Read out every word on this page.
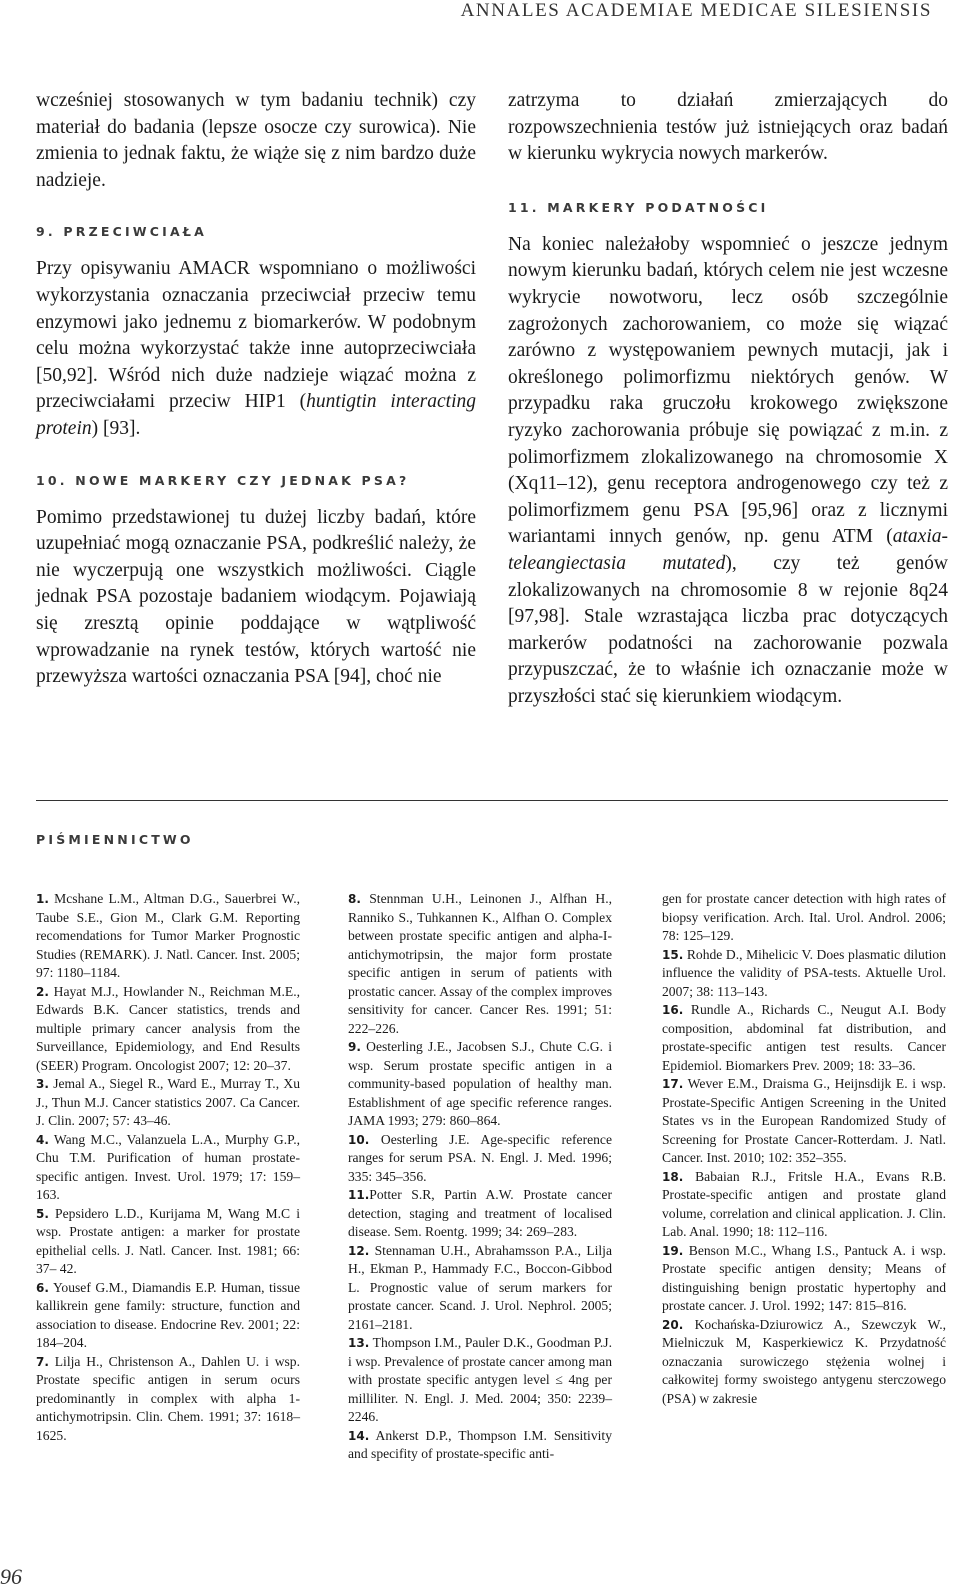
ANNALES ACADEMIAE MEDICAE SILESIENSIS

wcześniej stosowanych w tym badaniu technik) czy materiał do badania (lepsze osocze czy surowica). Nie zmienia to jednak faktu, że wiąże się z nim bardzo duże nadzieje.

9. PRZECIWCIAŁA

Przy opisywaniu AMACR wspomniano o możliwości wykorzystania oznaczania przeciwciał przeciw temu enzymowi jako jednemu z biomarkerów. W podobnym celu można wykorzystać także inne autoprzeciwciała [50,92]. Wśród nich duże nadzieje wiązać można z przeciwciałami przeciw HIP1 (huntigtin interacting protein) [93].

10. NOWE MARKERY CZY JEDNAK PSA?

Pomimo przedstawionej tu dużej liczby badań, które uzupełniać mogą oznaczanie PSA, podkreślić należy, że nie wyczerpują one wszystkich możliwości. Ciągle jednak PSA pozostaje badaniem wiodącym. Pojawiają się zresztą opinie poddające w wątpliwość wprowadzanie na rynek testów, których wartość nie przewyższa wartości oznaczania PSA [94], choć nie

zatrzyma to działań zmierzających do rozpowszechnienia testów już istniejących oraz badań w kierunku wykrycia nowych markerów.

11. MARKERY PODATNOŚCI

Na koniec należałoby wspomnieć o jeszcze jednym nowym kierunku badań, których celem nie jest wczesne wykrycie nowotworu, lecz osób szczególnie zagrożonych zachorowaniem, co może się wiązać zarówno z występowaniem pewnych mutacji, jak i określonego polimorfizmu niektórych genów. W przypadku raka gruczołu krokowego zwiększone ryzyko zachorowania próbuje się powiązać z m.in. z polimorfizmem zlokalizowanego na chromosomie X (Xq11–12), genu receptora androgenowego czy też z polimorfizmem genu PSA [95,96] oraz z licznymi wariantami innych genów, np. genu ATM (ataxia-teleangiectasia mutated), czy też genów zlokalizowanych na chromosomie 8 w rejonie 8q24 [97,98]. Stale wzrastająca liczba prac dotyczących markerów podatności na zachorowanie pozwala przypuszczać, że to właśnie ich oznaczanie może w przyszłości stać się kierunkiem wiodącym.

PIŚMIENNICTWO

1. Mcshane L.M., Altman D.G., Sauerbrei W., Taube S.E., Gion M., Clark G.M. Reporting recomendations for Tumor Marker Prognostic Studies (REMARK). J. Natl. Cancer. Inst. 2005; 97: 1180–1184.

2. Hayat M.J., Howlander N., Reichman M.E., Edwards B.K. Cancer statistics, trends and multiple primary cancer analysis from the Surveillance, Epidemiology, and End Results (SEER) Program. Oncologist 2007; 12: 20–37.

3. Jemal A., Siegel R., Ward E., Murray T., Xu J., Thun M.J. Cancer statistics 2007. Ca Cancer. J. Clin. 2007; 57: 43–46.

4. Wang M.C., Valanzuela L.A., Murphy G.P., Chu T.M. Purification of human prostate-specific antigen. Invest. Urol. 1979; 17: 159–163.

5. Pepsidero L.D., Kurijama M, Wang M.C i wsp. Prostate antigen: a marker for prostate epithelial cells. J. Natl. Cancer. Inst. 1981; 66: 37– 42.

6. Yousef G.M., Diamandis E.P. Human, tissue kallikrein gene family: structure, function and association to disease. Endocrine Rev. 2001; 22: 184–204.

7. Lilja H., Christenson A., Dahlen U. i wsp. Prostate specific antigen in serum ocurs predominantly in complex with alpha 1-antichymotripsin. Clin. Chem. 1991; 37: 1618–1625.

8. Stennman U.H., Leinonen J., Alfhan H., Ranniko S., Tuhkannen K., Alfhan O. Complex between prostate specific antigen and alpha-I-antichymotripsin, the major form prostate specific antigen in serum of patients with prostatic cancer. Assay of the complex improves sensitivity for cancer. Cancer Res. 1991; 51: 222–226.

9. Oesterling J.E., Jacobsen S.J., Chute C.G. i wsp. Serum prostate specific antigen in a community-based population of healthy man. Establishment of age specific reference ranges. JAMA 1993; 279: 860–864.

10. Oesterling J.E. Age-specific reference ranges for serum PSA. N. Engl. J. Med. 1996; 335: 345–356.

11.Potter S.R, Partin A.W. Prostate cancer detection, staging and treatment of localised disease. Sem. Roentg. 1999; 34: 269–283.

12. Stennaman U.H., Abrahamsson P.A., Lilja H., Ekman P., Hammady F.C., Boccon-Gibbod L. Prognostic value of serum markers for prostate cancer. Scand. J. Urol. Nephrol. 2005; 2161–2181.

13. Thompson I.M., Pauler D.K., Goodman P.J. i wsp. Prevalence of prostate cancer among man with prostate specific antygen level ≤ 4ng per milliliter. N. Engl. J. Med. 2004; 350: 2239–2246.

14. Ankerst D.P., Thompson I.M. Sensitivity and specifity of prostate-specific anti-

gen for prostate cancer detection with high rates of biopsy verification. Arch. Ital. Urol. Androl. 2006; 78: 125–129.

15. Rohde D., Mihelicic V. Does plasmatic dilution influence the validity of PSA-tests. Aktuelle Urol. 2007; 38: 113–143.

16. Rundle A., Richards C., Neugut A.I. Body composition, abdominal fat distribution, and prostate-specific antigen test results. Cancer Epidemiol. Biomarkers Prev. 2009; 18: 33–36.

17. Wever E.M., Draisma G., Heijnsdijk E. i wsp. Prostate-Specific Antigen Screening in the United States vs in the European Randomized Study of Screening for Prostate Cancer-Rotterdam. J. Natl. Cancer. Inst. 2010; 102: 352–355.

18. Babaian R.J., Fritsle H.A., Evans R.B. Prostate-specific antigen and prostate gland volume, correlation and clinical application. J. Clin. Lab. Anal. 1990; 18: 112–116.

19. Benson M.C., Whang I.S., Pantuck A. i wsp. Prostate specific antigen density; Means of distinguishing benign prostatic hypertophy and prostate cancer. J. Urol. 1992; 147: 815–816.

20. Kochańska-Dziurowicz A., Szewczyk W., Mielniczuk M, Kasperkiewicz K. Przydatność oznaczania surowiczego stężenia wolnej i całkowitej formy swoistego antygenu sterczowego (PSA) w zakresie

96
